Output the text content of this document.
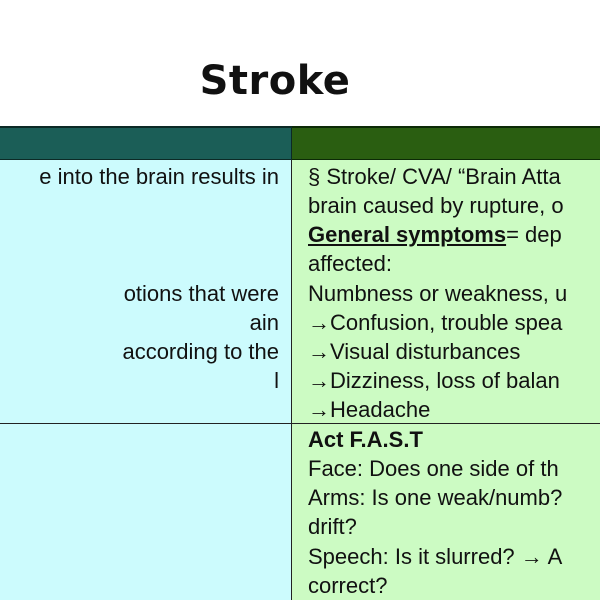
Stroke
e into the brain results in
otions that were
ain
according to the
l
§ Stroke/ CVA/ “Brain Atta
brain caused by rupture, o
General symptoms= dep
affected:
Numbness or weakness, u
→Confusion, trouble spea
→Visual disturbances
→Dizziness, loss of balan
→Headache
Act F.A.S.T
Face: Does one side of th
Arms: Is one weak/numb?
drift?
Speech: Is it slurred? → A
correct?
